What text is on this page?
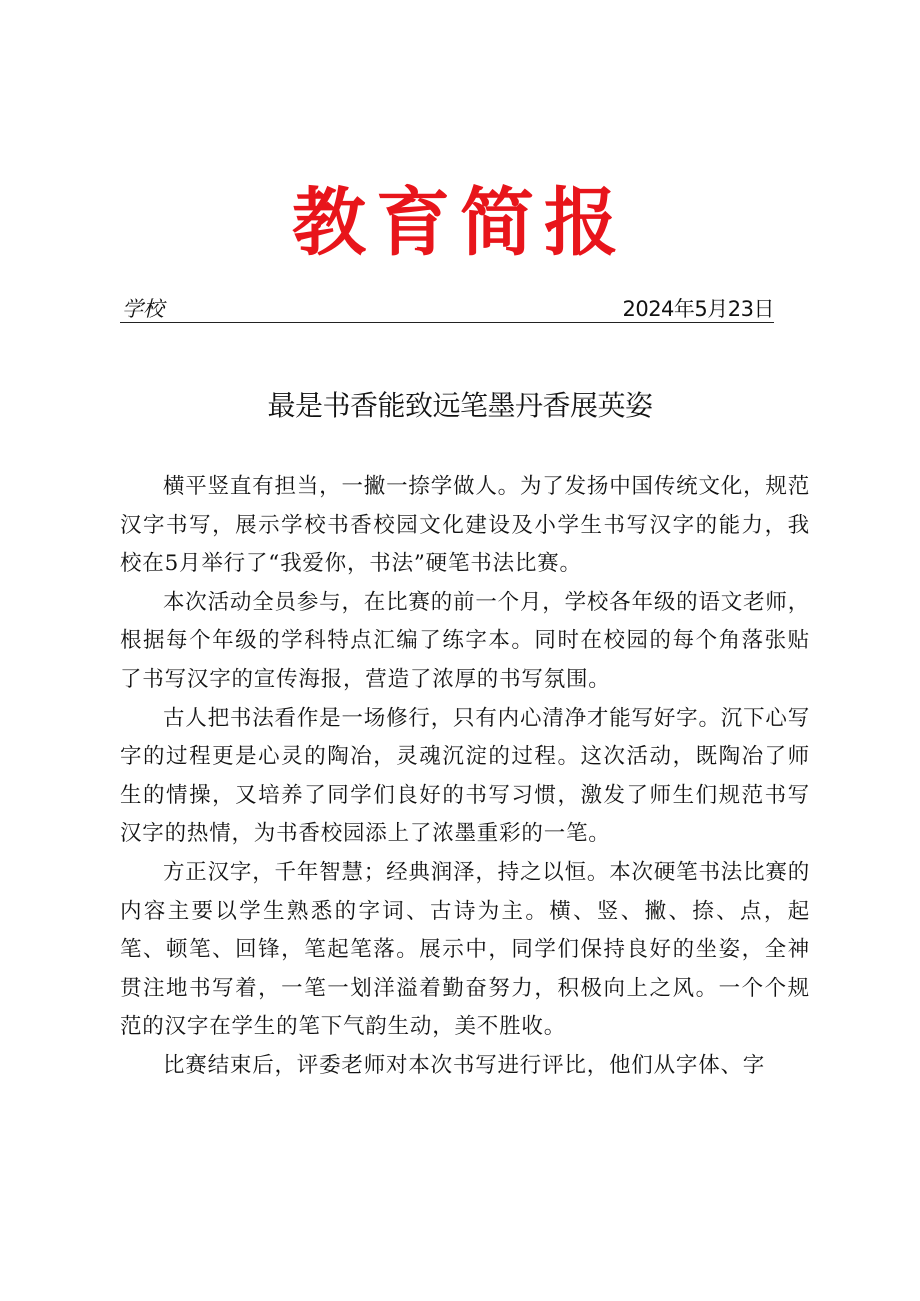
教育简报
学校	2024年5月23日
最是书香能致远笔墨丹香展英姿

横平竖直有担当，一撇一捺学做人。为了发扬中国传统文化，规范汉字书写，展示学校书香校园文化建设及小学生书写汉字的能力，我校在5月举行了“我爱你，书法”硬笔书法比赛。

本次活动全员参与，在比赛的前一个月，学校各年级的语文老师，根据每个年级的学科特点汇编了练字本。同时在校园的每个角落张贴了书写汉字的宣传海报，营造了浓厚的书写氛围。

古人把书法看作是一场修行，只有内心清净才能写好字。沉下心写字的过程更是心灵的陶冶，灵魂沉淀的过程。这次活动，既陶冶了师生的情操，又培养了同学们良好的书写习惯，激发了师生们规范书写汉字的热情，为书香校园添上了浓墨重彩的一笔。

方正汉字，千年智慧；经典润泽，持之以恒。本次硬笔书法比赛的内容主要以学生熟悉的字词、古诗为主。横、竖、撇、捺、点，起笔、顿笔、回锋，笔起笔落。展示中，同学们保持良好的坐姿，全神贯注地书写着，一笔一划洋溢着勤奋努力，积极向上之风。一个个规范的汉字在学生的笔下气韵生动，美不胜收。

比赛结束后，评委老师对本次书写进行评比，他们从字体、字
